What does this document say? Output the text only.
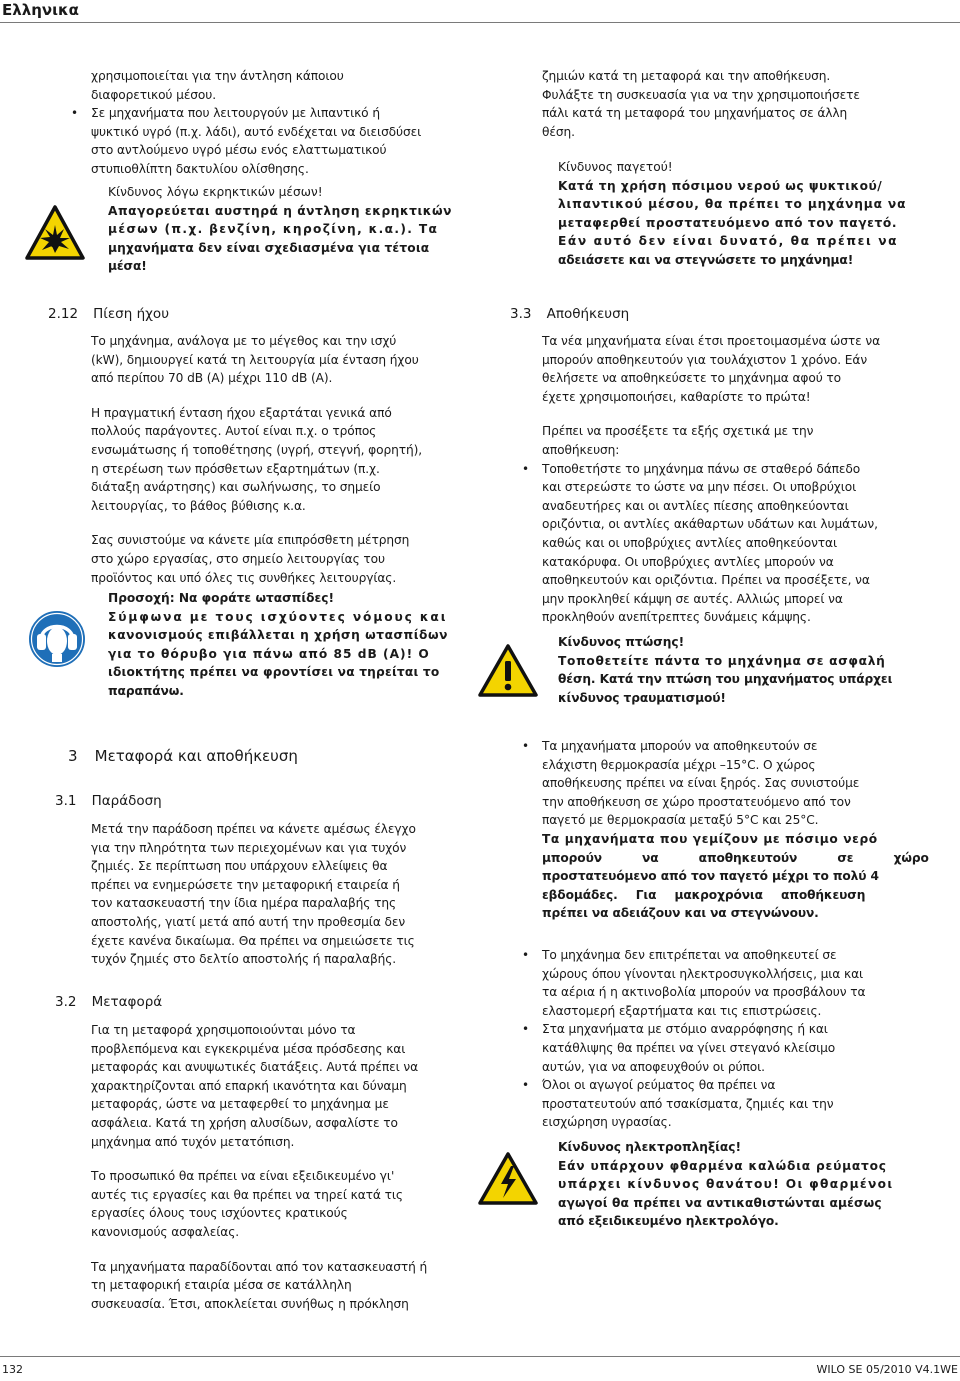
Ελληνικα
χρησιμοποιείται για την άντληση κάποιου
διαφορετικού μέσου.
• Σε μηχανήματα που λειτουργούν με λιπαντικό ή
ψυκτικό υγρό (π.χ. λάδι), αυτό ενδέχεται να διεισδύσει
στο αντλούμενο υγρό μέσω ενός ελαττωματικού
στυπιοθλίπτη δακτυλίου ολίσθησης.
Κίνδυνος λόγω εκρηκτικών μέσων!
Απαγορεύεται αυστηρά η άντληση εκρηκτικών
μέσων (π.χ. βενζίνη, κηροζίνη, κ.α.). Τα
μηχανήματα δεν είναι σχεδιασμένα για τέτοια
μέσα!
ζημιών κατά τη μεταφορά και την αποθήκευση.
Φυλάξτε τη συσκευασία για να την χρησιμοποιήσετε
πάλι κατά τη μεταφορά του μηχανήματος σε άλλη
θέση.
Κίνδυνος παγετού!
Κατά τη χρήση πόσιμου νερού ως ψυκτικού/
λιπαντικού μέσου, θα πρέπει το μηχάνημα να
μεταφερθεί προστατευόμενο από τον παγετό.
Εάν αυτό δεν είναι δυνατό, θα πρέπει να
αδειάσετε και να στεγνώσετε το μηχάνημα!
2.12 Πίεση ήχου
Το μηχάνημα, ανάλογα με το μέγεθος και την ισχύ
(kW), δημιουργεί κατά τη λειτουργία μία ένταση ήχου
από περίπου 70 dB (A) μέχρι 110 dB (A).
Η πραγματική ένταση ήχου εξαρτάται γενικά από
πολλούς παράγοντες. Αυτοί είναι π.χ. ο τρόπος
ενσωμάτωσης ή τοποθέτησης (υγρή, στεγνή, φορητή),
η στερέωση των πρόσθετων εξαρτημάτων (π.χ.
διάταξη ανάρτησης) και σωλήνωσης, το σημείο
λειτουργίας, το βάθος βύθισης κ.α.
Σας συνιστούμε να κάνετε μία επιπρόσθετη μέτρηση
στο χώρο εργασίας, στο σημείο λειτουργίας του
προϊόντος και υπό όλες τις συνθήκες λειτουργίας.
Προσοχή: Να φοράτε ωτασπίδες!
Σύμφωνα με τους ισχύοντες νόμους και
κανονισμούς επιβάλλεται η χρήση ωτασπίδων
για το θόρυβο για πάνω από 85 dB (A)! Ο
ιδιοκτήτης πρέπει να φροντίσει να τηρείται το
παραπάνω.
3.3 Αποθήκευση
Τα νέα μηχανήματα είναι έτσι προετοιμασμένα ώστε να
μπορούν αποθηκευτούν για τουλάχιστον 1 χρόνο. Εάν
θελήσετε να αποθηκεύσετε το μηχάνημα αφού το
έχετε χρησιμοποιήσει, καθαρίστε το πρώτα!
Πρέπει να προσέξετε τα εξής σχετικά με την
αποθήκευση:
• Τοποθετήστε το μηχάνημα πάνω σε σταθερό δάπεδο
και στερεώστε το ώστε να μην πέσει. Οι υποβρύχιοι
αναδευτήρες και οι αντλίες πίεσης αποθηκεύονται
οριζόντια, οι αντλίες ακάθαρτων υδάτων και λυμάτων,
καθώς και οι υποβρύχιες αντλίες αποθηκεύονται
κατακόρυφα. Οι υποβρύχιες αντλίες μπορούν να
αποθηκευτούν και οριζόντια. Πρέπει να προσέξετε, να
μην προκληθεί κάμψη σε αυτές. Αλλιώς μπορεί να
προκληθούν ανεπίτρεπτες δυνάμεις κάμψης.
Κίνδυνος πτώσης!
Τοποθετείτε πάντα το μηχάνημα σε ασφαλή
θέση. Κατά την πτώση του μηχανήματος υπάρχει
κίνδυνος τραυματισμού!
3 Μεταφορά και αποθήκευση
3.1 Παράδοση
Μετά την παράδοση πρέπει να κάνετε αμέσως έλεγχο
για την πληρότητα των περιεχομένων και για τυχόν
ζημιές. Σε περίπτωση που υπάρχουν ελλείψεις θα
πρέπει να ενημερώσετε την μεταφορική εταιρεία ή
τον κατασκευαστή την ίδια ημέρα παραλαβής της
αποστολής, γιατί μετά από αυτή την προθεσμία δεν
έχετε κανένα δικαίωμα. Θα πρέπει να σημειώσετε τις
τυχόν ζημιές στο δελτίο αποστολής ή παραλαβής.
3.2 Μεταφορά
Για τη μεταφορά χρησιμοποιούνται μόνο τα
προβλεπόμενα και εγκεκριμένα μέσα πρόσδεσης και
μεταφοράς και ανυψωτικές διατάξεις. Αυτά πρέπει να
χαρακτηρίζονται από επαρκή ικανότητα και δύναμη
μεταφοράς, ώστε να μεταφερθεί το μηχάνημα με
ασφάλεια. Κατά τη χρήση αλυσίδων, ασφαλίστε το
μηχάνημα από τυχόν μετατόπιση.
Το προσωπικό θα πρέπει να είναι εξειδικευμένο γι'
αυτές τις εργασίες και θα πρέπει να τηρεί κατά τις
εργασίες όλους τους ισχύοντες κρατικούς
κανονισμούς ασφαλείας.
Τα μηχανήματα παραδίδονται από τον κατασκευαστή ή
τη μεταφορική εταιρία μέσα σε κατάλληλη
συσκευασία. Έτσι, αποκλείεται συνήθως η πρόκληση
• Τα μηχανήματα μπορούν να αποθηκευτούν σε
ελάχιστη θερμοκρασία μέχρι –15°C. Ο χώρος
αποθήκευσης πρέπει να είναι ξηρός. Σας συνιστούμε
την αποθήκευση σε χώρο προστατευόμενο από τον
παγετό με θερμοκρασία μεταξύ 5°C και 25°C.
Τα μηχανήματα που γεμίζουν με πόσιμο νερό
μπορούν να αποθηκευτούν σε χώρο
προστατευόμενο από τον παγετό μέχρι το πολύ 4
εβδομάδες. Για μακροχρόνια αποθήκευση
πρέπει να αδειάζουν και να στεγνώνουν.
• Το μηχάνημα δεν επιτρέπεται να αποθηκευτεί σε
χώρους όπου γίνονται ηλεκτροσυγκολλήσεις, μια και
τα αέρια ή η ακτινοβολία μπορούν να προσβάλουν τα
ελαστομερή εξαρτήματα και τις επιστρώσεις.
• Στα μηχανήματα με στόμιο αναρρόφησης ή και
κατάθλιψης θα πρέπει να γίνει στεγανό κλείσιμο
αυτών, για να αποφευχθούν οι ρύποι.
• Όλοι οι αγωγοί ρεύματος θα πρέπει να
προστατευτούν από τσακίσματα, ζημιές και την
εισχώρηση υγρασίας.
Κίνδυνος ηλεκτροπληξίας!
Εάν υπάρχουν φθαρμένα καλώδια ρεύματος
υπάρχει κίνδυνος θανάτου! Οι φθαρμένοι
αγωγοί θα πρέπει να αντικαθιστώνται αμέσως
από εξειδικευμένο ηλεκτρολόγο.
132	WILO SE 05/2010 V4.1WE
